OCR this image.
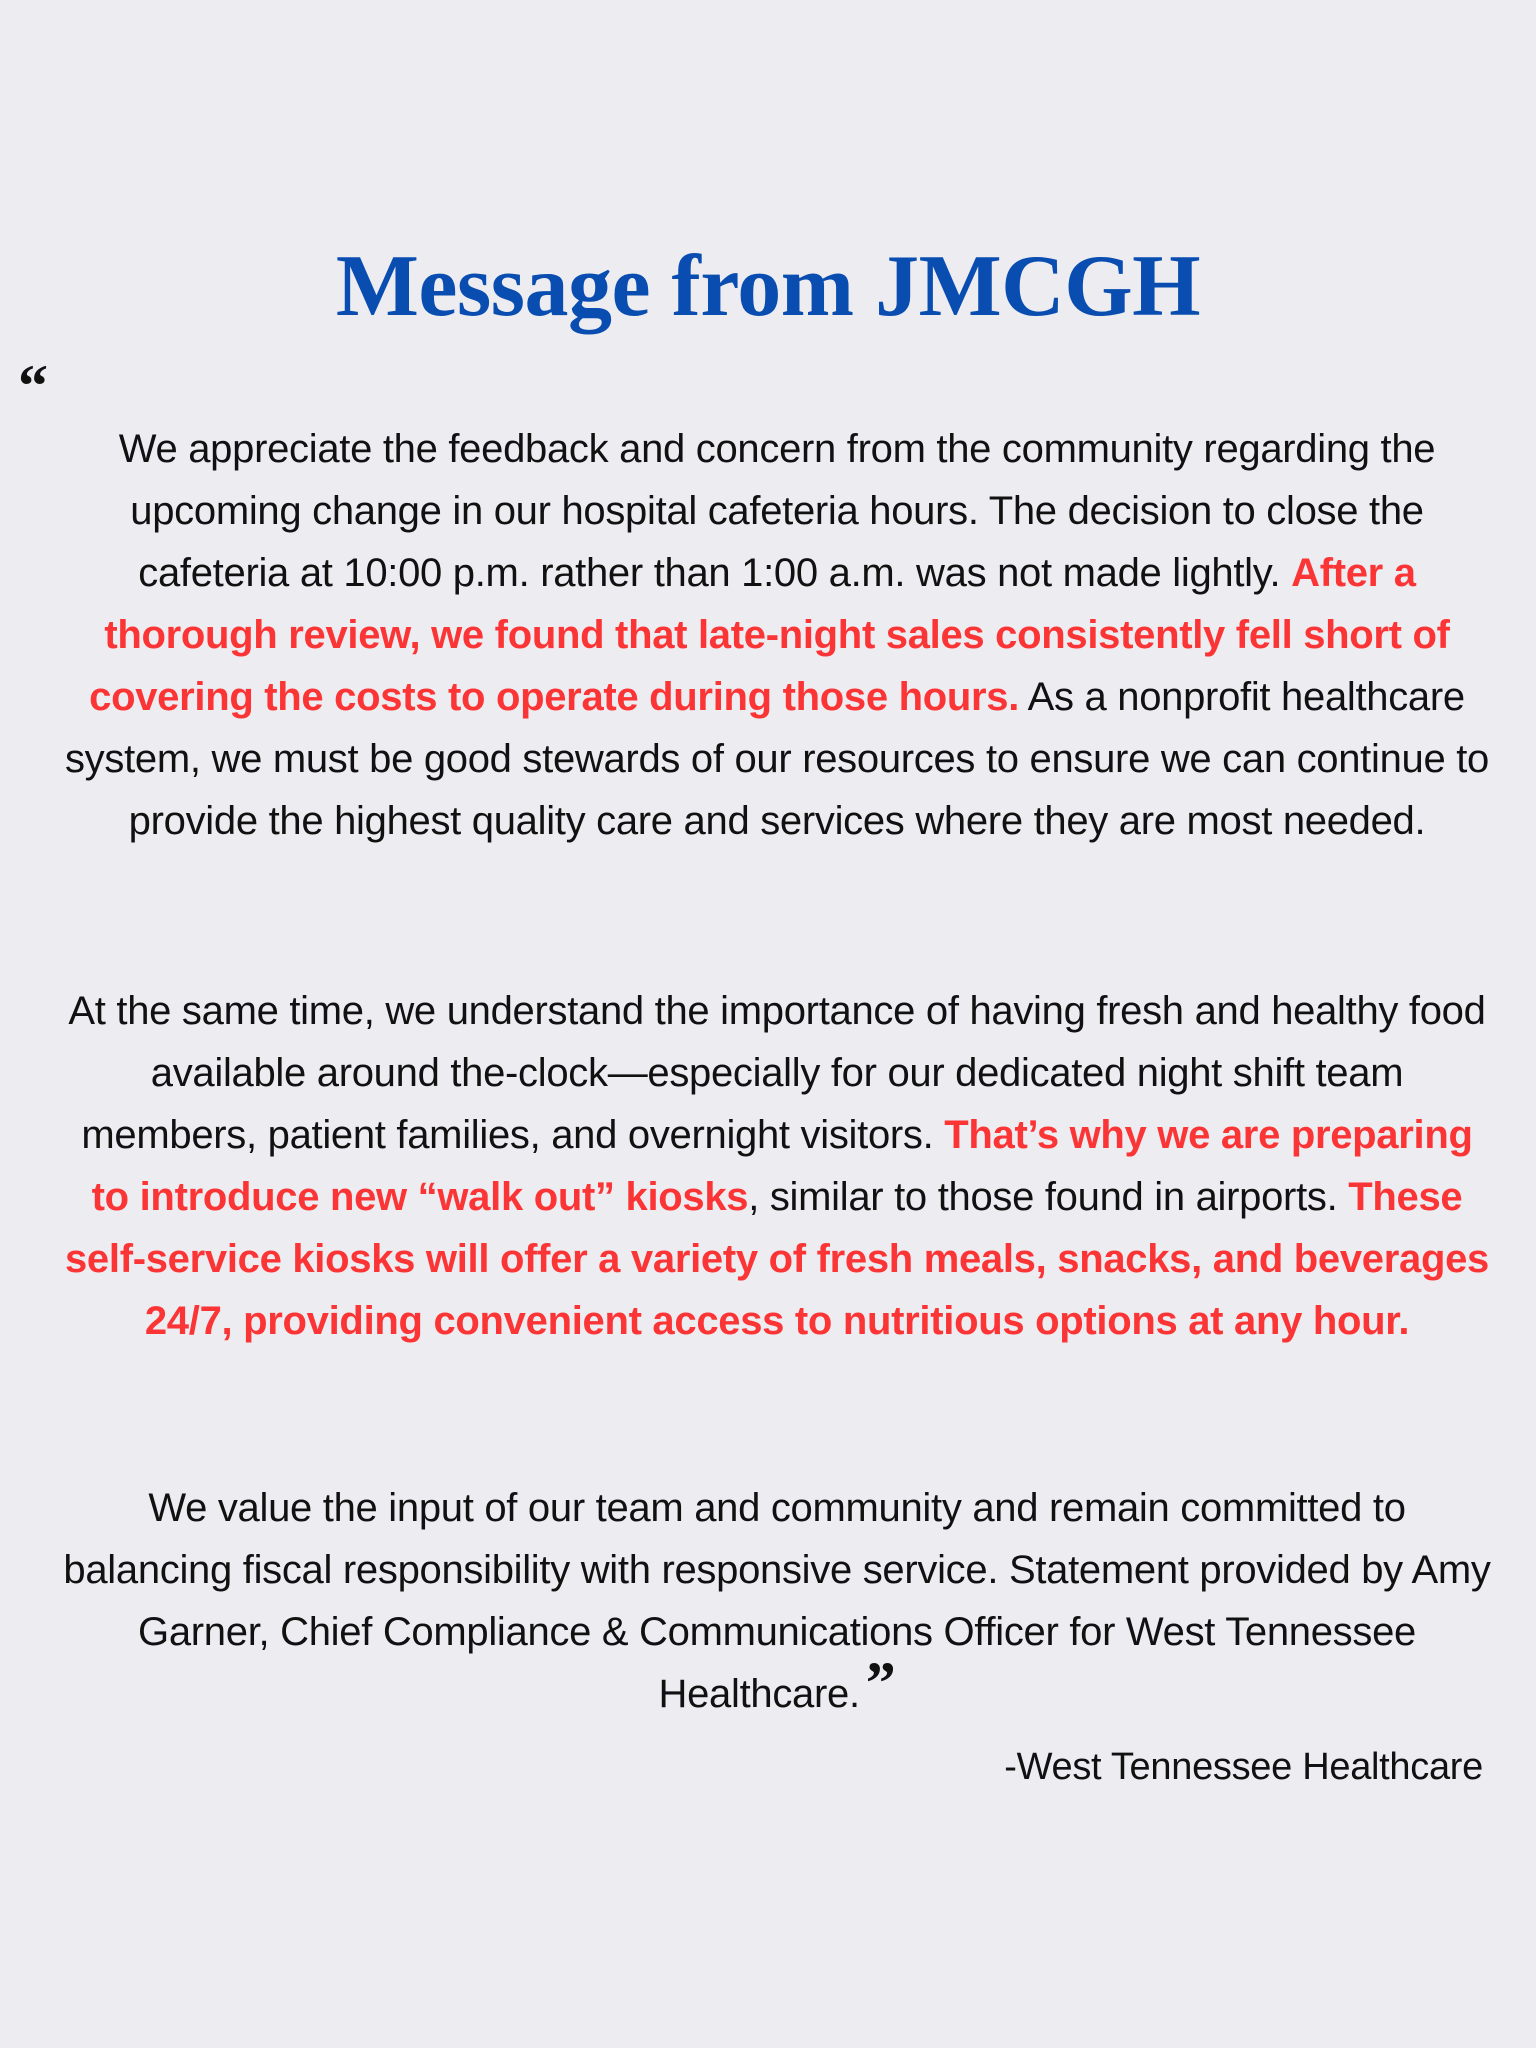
Message from JMCGH
“

We appreciate the feedback and concern from the community regarding the upcoming change in our hospital cafeteria hours. The decision to close the cafeteria at 10:00 p.m. rather than 1:00 a.m. was not made lightly. After a thorough review, we found that late-night sales consistently fell short of covering the costs to operate during those hours. As a nonprofit healthcare system, we must be good stewards of our resources to ensure we can continue to provide the highest quality care and services where they are most needed.

At the same time, we understand the importance of having fresh and healthy food available around the-clock—especially for our dedicated night shift team members, patient families, and overnight visitors. That’s why we are preparing to introduce new “walk out” kiosks, similar to those found in airports. These self-service kiosks will offer a variety of fresh meals, snacks, and beverages 24/7, providing convenient access to nutritious options at any hour.

We value the input of our team and community and remain committed to balancing fiscal responsibility with responsive service. Statement provided by Amy Garner, Chief Compliance & Communications Officer for West Tennessee Healthcare. ”

-West Tennessee Healthcare
